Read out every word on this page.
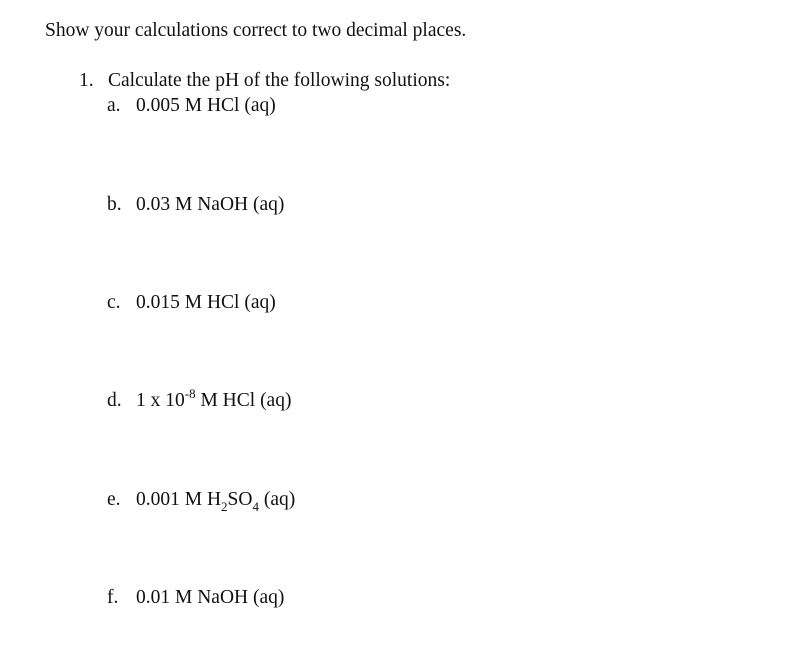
Show your calculations correct to two decimal places.
1. Calculate the pH of the following solutions:
a. 0.005 M HCl (aq)
b. 0.03 M NaOH (aq)
c. 0.015 M HCl (aq)
d. 1 x $10^{-8}$ M HCl (aq)
e. 0.001 M $H_2SO_4$ (aq)
f. 0.01 M NaOH (aq)
